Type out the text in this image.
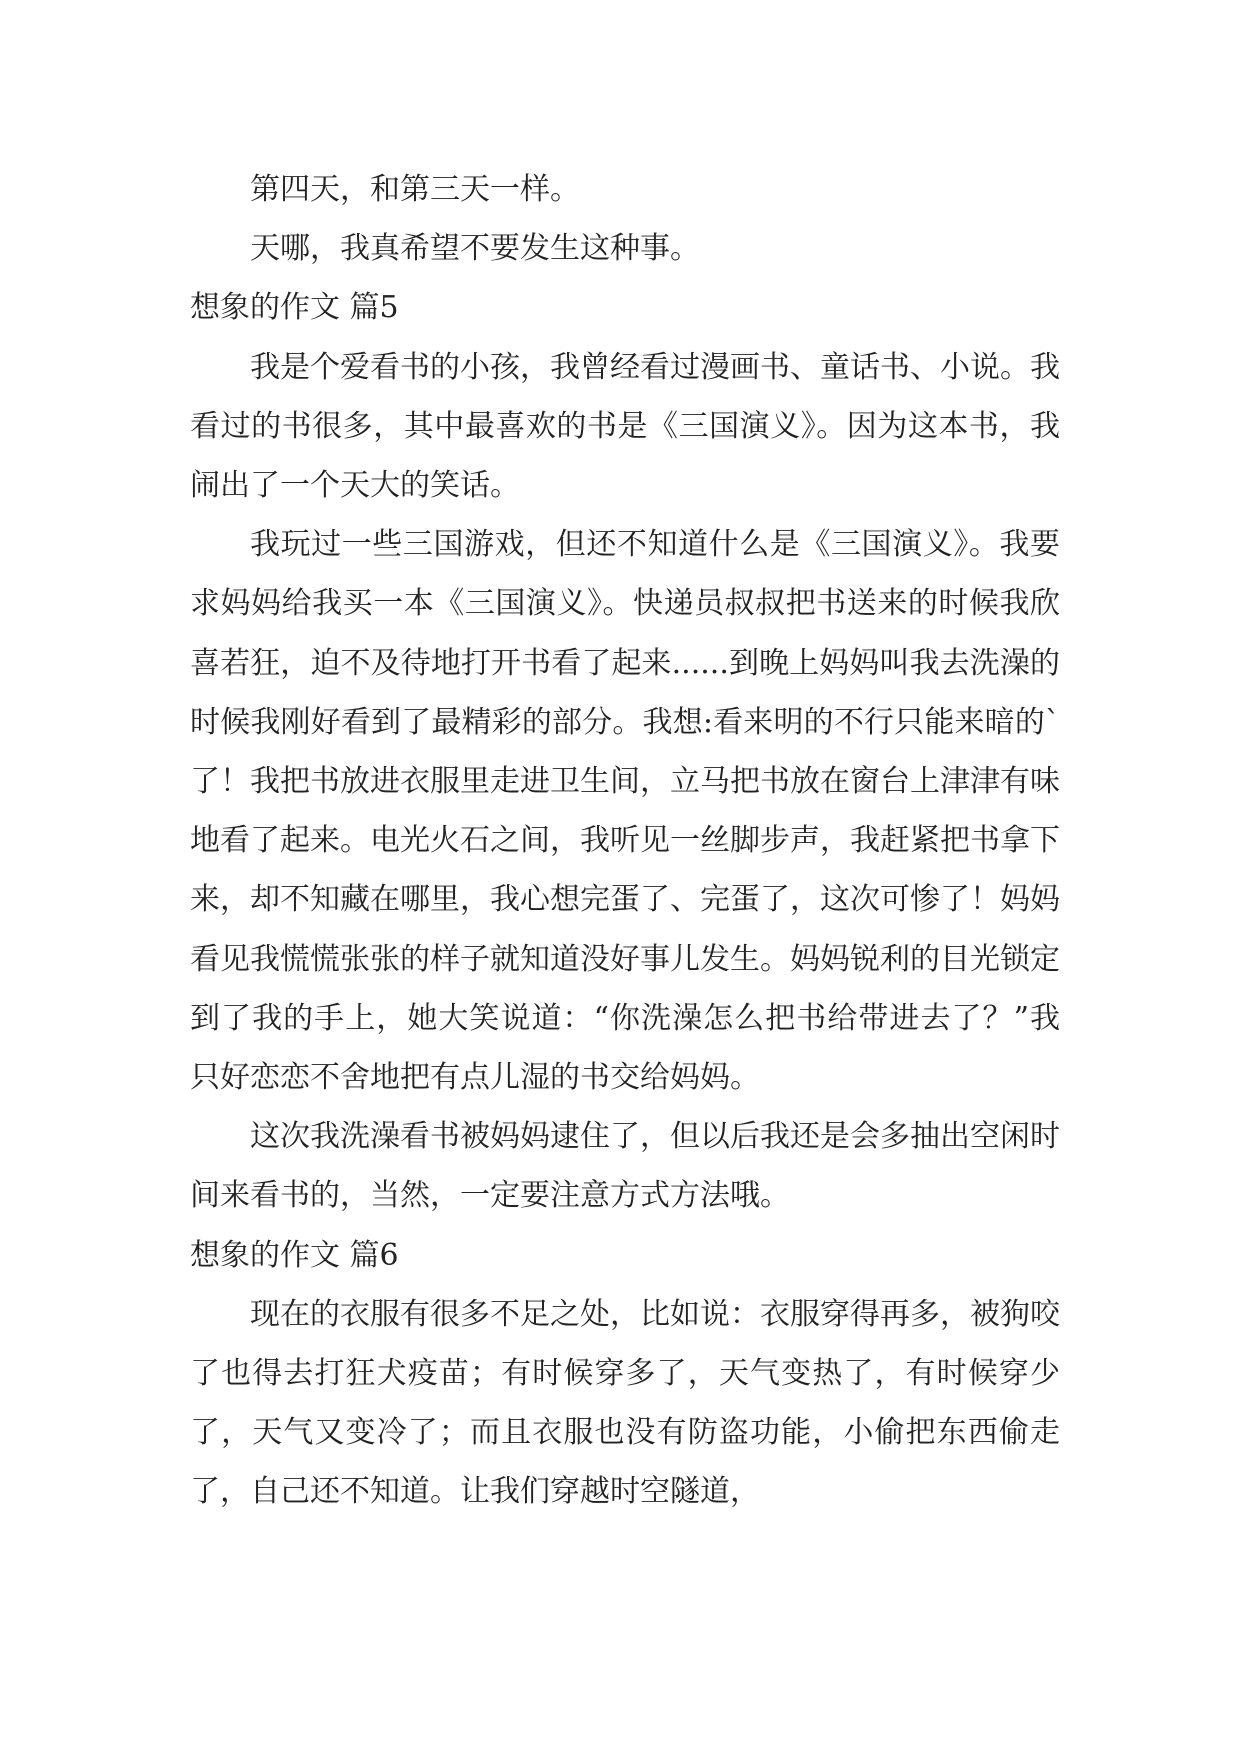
第四天，和第三天一样。

天哪，我真希望不要发生这种事。

想象的作文 篇5

我是个爱看书的小孩，我曾经看过漫画书、童话书、小说。我看过的书很多，其中最喜欢的书是《三国演义》。因为这本书，我闹出了一个天大的笑话。

我玩过一些三国游戏，但还不知道什么是《三国演义》。我要求妈妈给我买一本《三国演义》。快递员叔叔把书送来的时候我欣喜若狂，迫不及待地打开书看了起来......到晚上妈妈叫我去洗澡的时候我刚好看到了最精彩的部分。我想:看来明的不行只能来暗的`了！我把书放进衣服里走进卫生间，立马把书放在窗台上津津有味地看了起来。电光火石之间，我听见一丝脚步声，我赶紧把书拿下来，却不知藏在哪里，我心想完蛋了、完蛋了，这次可惨了！妈妈看见我慌慌张张的样子就知道没好事儿发生。妈妈锐利的目光锁定到了我的手上，她大笑说道：“你洗澡怎么把书给带进去了？”我只好恋恋不舍地把有点儿湿的书交给妈妈。

这次我洗澡看书被妈妈逮住了，但以后我还是会多抽出空闲时间来看书的，当然，一定要注意方式方法哦。

想象的作文 篇6

现在的衣服有很多不足之处，比如说：衣服穿得再多，被狗咬了也得去打狂犬疫苗；有时候穿多了，天气变热了，有时候穿少了，天气又变冷了；而且衣服也没有防盗功能，小偷把东西偷走了，自己还不知道。让我们穿越时空隧道，
